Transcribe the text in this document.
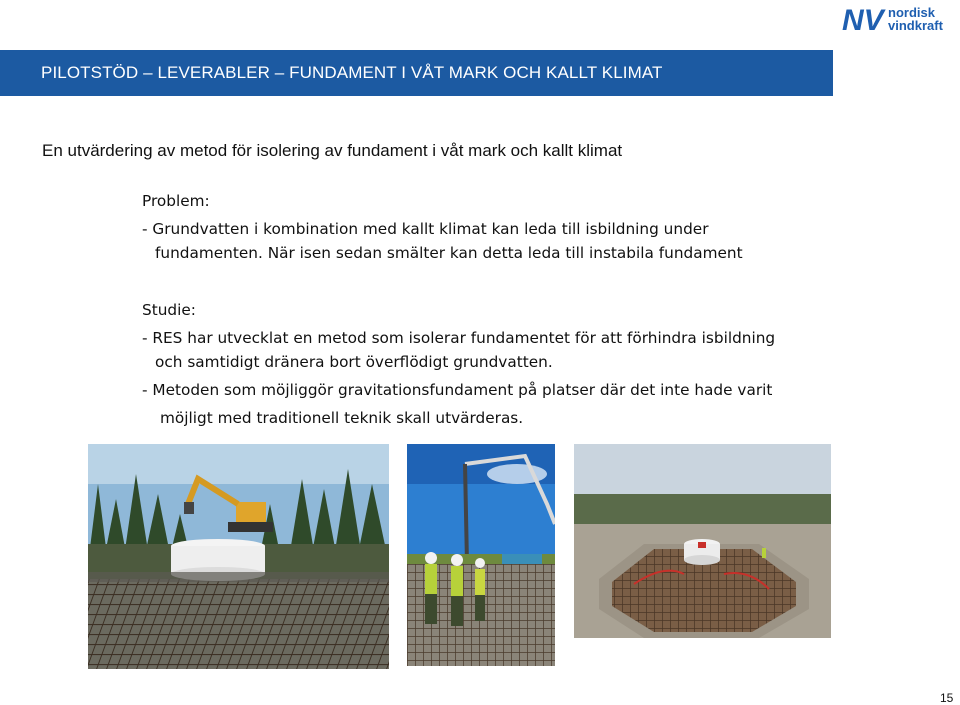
NV nordisk
vindkraft
PILOTSTÖD – LEVERABLER – FUNDAMENT I VÅT MARK OCH KALLT KLIMAT
En utvärdering av metod för isolering av fundament i våt mark och kallt klimat
Problem:
- Grundvatten i kombination med kallt klimat kan leda till isbildning under
fundamenten. När isen sedan smälter kan detta leda till instabila fundament
Studie:
- RES har utvecklat en metod som isolerar fundamentet för att förhindra isbildning
och samtidigt dränera bort överflödigt grundvatten.
- Metoden som möjliggör gravitationsfundament på platser där det inte hade varit
möjligt med traditionell teknik skall utvärderas.
15
